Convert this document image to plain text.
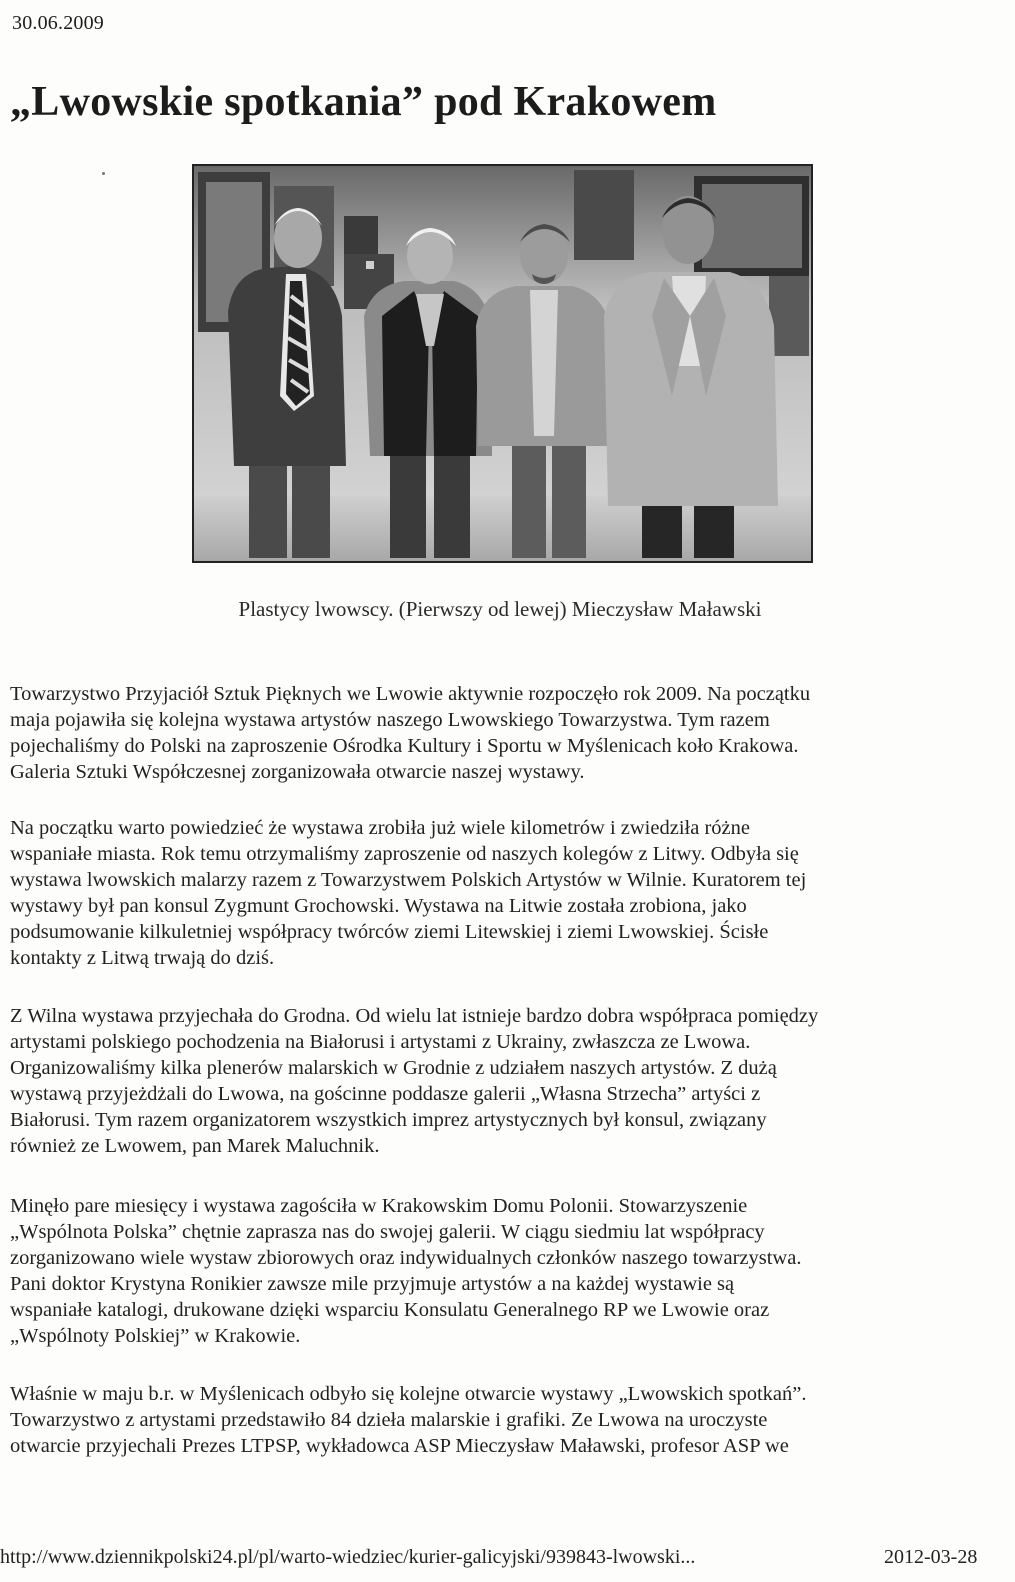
30.06.2009
„Lwowskie spotkania” pod Krakowem
Plastycy lwowscy. (Pierwszy od lewej) Mieczysław Maławski

Towarzystwo Przyjaciół Sztuk Pięknych we Lwowie aktywnie rozpoczęło rok 2009. Na początku
maja pojawiła się kolejna wystawa artystów naszego Lwowskiego Towarzystwa. Tym razem
pojechaliśmy do Polski na zaproszenie Ośrodka Kultury i Sportu w Myślenicach koło Krakowa.
Galeria Sztuki Współczesnej zorganizowała otwarcie naszej wystawy.

Na początku warto powiedzieć że wystawa zrobiła już wiele kilometrów i zwiedziła różne
wspaniałe miasta. Rok temu otrzymaliśmy zaproszenie od naszych kolegów z Litwy. Odbyła się
wystawa lwowskich malarzy razem z Towarzystwem Polskich Artystów w Wilnie. Kuratorem tej
wystawy był pan konsul Zygmunt Grochowski. Wystawa na Litwie została zrobiona, jako
podsumowanie kilkuletniej współpracy twórców ziemi Litewskiej i ziemi Lwowskiej. Ścisłe
kontakty z Litwą trwają do dziś.

Z Wilna wystawa przyjechała do Grodna. Od wielu lat istnieje bardzo dobra współpraca pomiędzy
artystami polskiego pochodzenia na Białorusi i artystami z Ukrainy, zwłaszcza ze Lwowa.
Organizowaliśmy kilka plenerów malarskich w Grodnie z udziałem naszych artystów. Z dużą
wystawą przyjeżdżali do Lwowa, na gościnne poddasze galerii „Własna Strzecha” artyści z
Białorusi. Tym razem organizatorem wszystkich imprez artystycznych był konsul, związany
również ze Lwowem, pan Marek Maluchnik.

Minęło pare miesięcy i wystawa zagościła w Krakowskim Domu Polonii. Stowarzyszenie
„Wspólnota Polska” chętnie zaprasza nas do swojej galerii. W ciągu siedmiu lat współpracy
zorganizowano wiele wystaw zbiorowych oraz indywidualnych członków naszego towarzystwa.
Pani doktor Krystyna Ronikier zawsze mile przyjmuje artystów a na każdej wystawie są
wspaniałe katalogi, drukowane dzięki wsparciu Konsulatu Generalnego RP we Lwowie oraz
„Wspólnoty Polskiej” w Krakowie.

Właśnie w maju b.r. w Myślenicach odbyło się kolejne otwarcie wystawy „Lwowskich spotkań”.
Towarzystwo z artystami przedstawiło 84 dzieła malarskie i grafiki. Ze Lwowa na uroczyste
otwarcie przyjechali Prezes LTPSP, wykładowca ASP Mieczysław Maławski, profesor ASP we

http://www.dziennikpolski24.pl/pl/warto-wiedziec/kurier-galicyjski/939843-lwowski...	2012-03-28
